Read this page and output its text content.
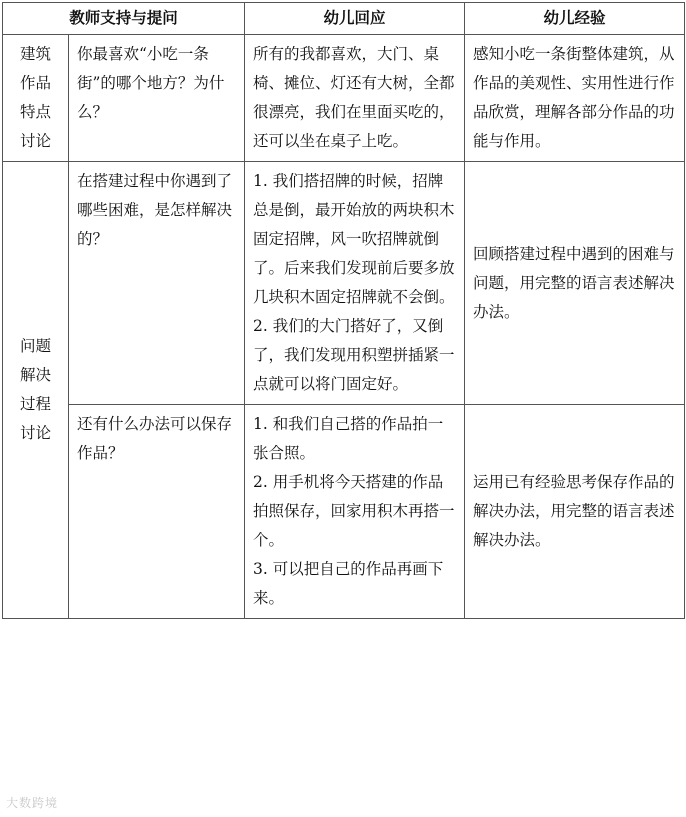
教师支持与提问		幼儿回应	幼儿经验

建筑作品特点讨论	你最喜欢“小吃一条街”的哪个地方？为什么？	所有的我都喜欢，大门、桌椅、摊位、灯还有大树，全都很漂亮，我们在里面买吃的，还可以坐在桌子上吃。	感知小吃一条街整体建筑，从作品的美观性、实用性进行作品欣赏，理解各部分作品的功能与作用。

问题解决过程讨论	在搭建过程中你遇到了哪些困难，是怎样解决的？	1. 我们搭招牌的时候，招牌总是倒，最开始放的两块积木固定招牌，风一吹招牌就倒了。后来我们发现前后要多放几块积木固定招牌就不会倒。
2. 我们的大门搭好了，又倒了，我们发现用积塑拼插紧一点就可以将门固定好。	回顾搭建过程中遇到的困难与问题，用完整的语言表述解决办法。
	还有什么办法可以保存作品？	1. 和我们自己搭的作品拍一张合照。
2. 用手机将今天搭建的作品拍照保存，回家用积木再搭一个。
3. 可以把自己的作品再画下来。	运用已有经验思考保存作品的解决办法，用完整的语言表述解决办法。
大数跨境
